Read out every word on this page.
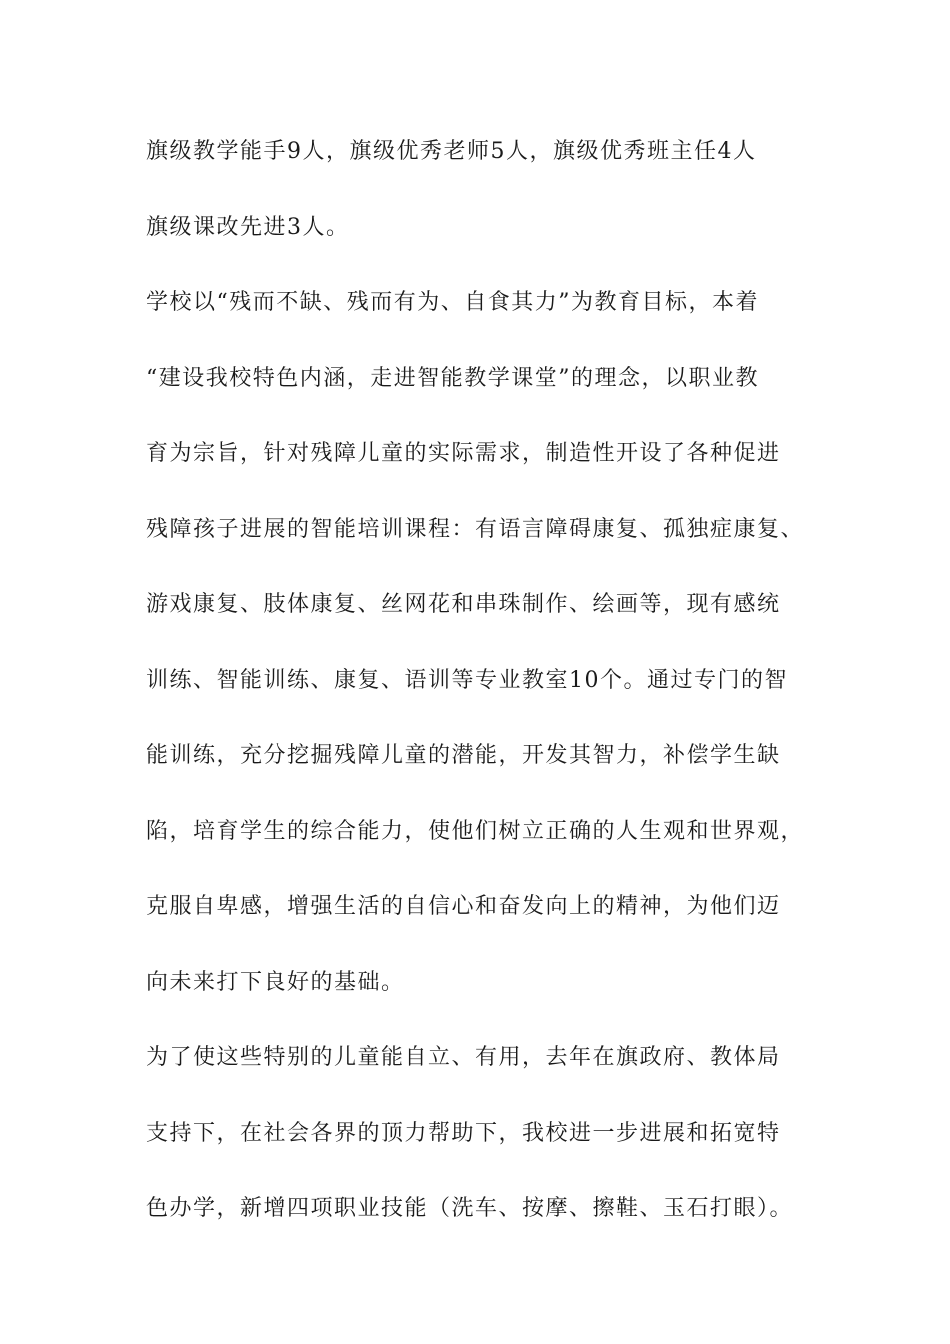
旗级教学能手9人，旗级优秀老师5人，旗级优秀班主任4人
旗级课改先进3人。
学校以“残而不缺、残而有为、自食其力”为教育目标，本着
“建设我校特色内涵，走进智能教学课堂”的理念，以职业教
育为宗旨，针对残障儿童的实际需求，制造性开设了各种促进
残障孩子进展的智能培训课程：有语言障碍康复、孤独症康复、
游戏康复、肢体康复、丝网花和串珠制作、绘画等，现有感统
训练、智能训练、康复、语训等专业教室10个。通过专门的智
能训练，充分挖掘残障儿童的潜能，开发其智力，补偿学生缺
陷，培育学生的综合能力，使他们树立正确的人生观和世界观，
克服自卑感，增强生活的自信心和奋发向上的精神，为他们迈
向未来打下良好的基础。
为了使这些特别的儿童能自立、有用，去年在旗政府、教体局
支持下，在社会各界的顶力帮助下，我校进一步进展和拓宽特
色办学，新增四项职业技能（洗车、按摩、擦鞋、玉石打眼）。
